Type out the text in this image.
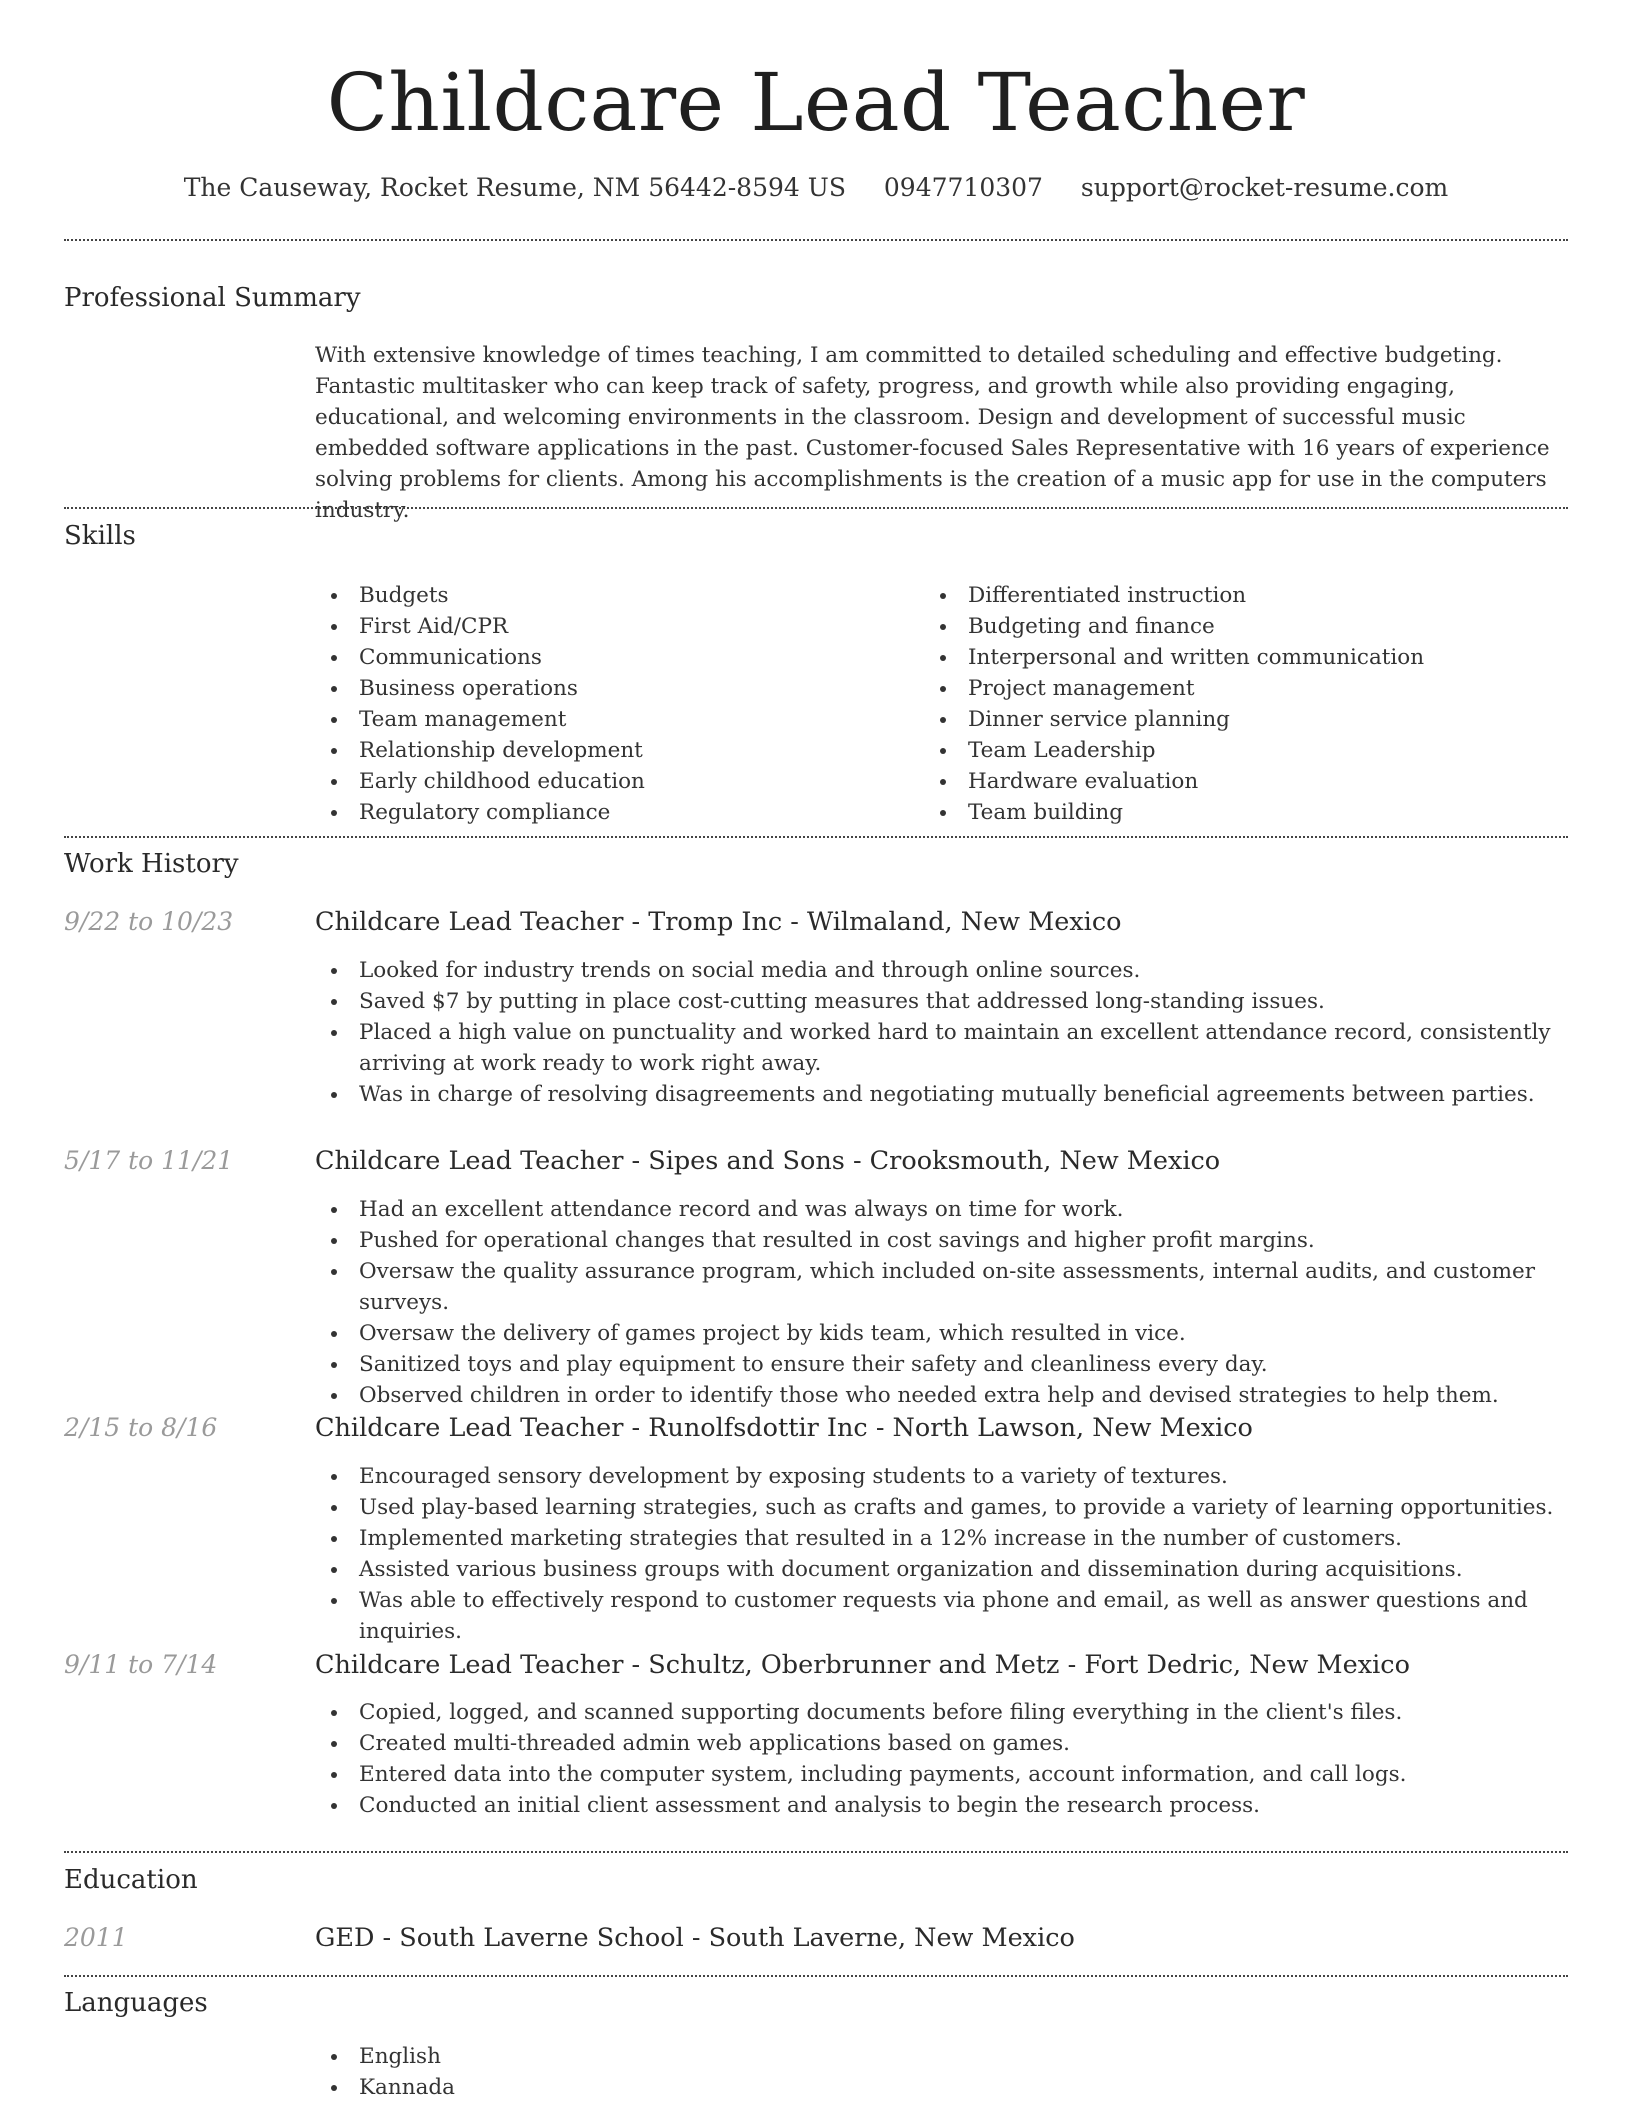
Childcare Lead Teacher
The Causeway, Rocket Resume, NM 56442-8594 US 0947710307 support@rocket-resume.com
Professional Summary

With extensive knowledge of times teaching, I am committed to detailed scheduling and effective budgeting. Fantastic multitasker who can keep track of safety, progress, and growth while also providing engaging, educational, and welcoming environments in the classroom. Design and development of successful music embedded software applications in the past. Customer-focused Sales Representative with 16 years of experience solving problems for clients. Among his accomplishments is the creation of a music app for use in the computers industry.

Skills
Budgets
First Aid/CPR
Communications
Business operations
Team management
Relationship development
Early childhood education
Regulatory compliance
Differentiated instruction
Budgeting and finance
Interpersonal and written communication
Project management
Dinner service planning
Team Leadership
Hardware evaluation
Team building
Work History
9/22 to 10/23	Childcare Lead Teacher - Tromp Inc - Wilmaland, New Mexico
Looked for industry trends on social media and through online sources.
Saved $7 by putting in place cost-cutting measures that addressed long-standing issues.
Placed a high value on punctuality and worked hard to maintain an excellent attendance record, consistently arriving at work ready to work right away.
Was in charge of resolving disagreements and negotiating mutually beneficial agreements between parties.
5/17 to 11/21	Childcare Lead Teacher - Sipes and Sons - Crooksmouth, New Mexico
Had an excellent attendance record and was always on time for work.
Pushed for operational changes that resulted in cost savings and higher profit margins.
Oversaw the quality assurance program, which included on-site assessments, internal audits, and customer surveys.
Oversaw the delivery of games project by kids team, which resulted in vice.
Sanitized toys and play equipment to ensure their safety and cleanliness every day.
Observed children in order to identify those who needed extra help and devised strategies to help them.
2/15 to 8/16	Childcare Lead Teacher - Runolfsdottir Inc - North Lawson, New Mexico
Encouraged sensory development by exposing students to a variety of textures.
Used play-based learning strategies, such as crafts and games, to provide a variety of learning opportunities.
Implemented marketing strategies that resulted in a 12% increase in the number of customers.
Assisted various business groups with document organization and dissemination during acquisitions.
Was able to effectively respond to customer requests via phone and email, as well as answer questions and inquiries.
9/11 to 7/14	Childcare Lead Teacher - Schultz, Oberbrunner and Metz - Fort Dedric, New Mexico
Copied, logged, and scanned supporting documents before filing everything in the client's files.
Created multi-threaded admin web applications based on games.
Entered data into the computer system, including payments, account information, and call logs.
Conducted an initial client assessment and analysis to begin the research process.
Education
2011	GED - South Laverne School - South Laverne, New Mexico
Languages
English
Kannada
